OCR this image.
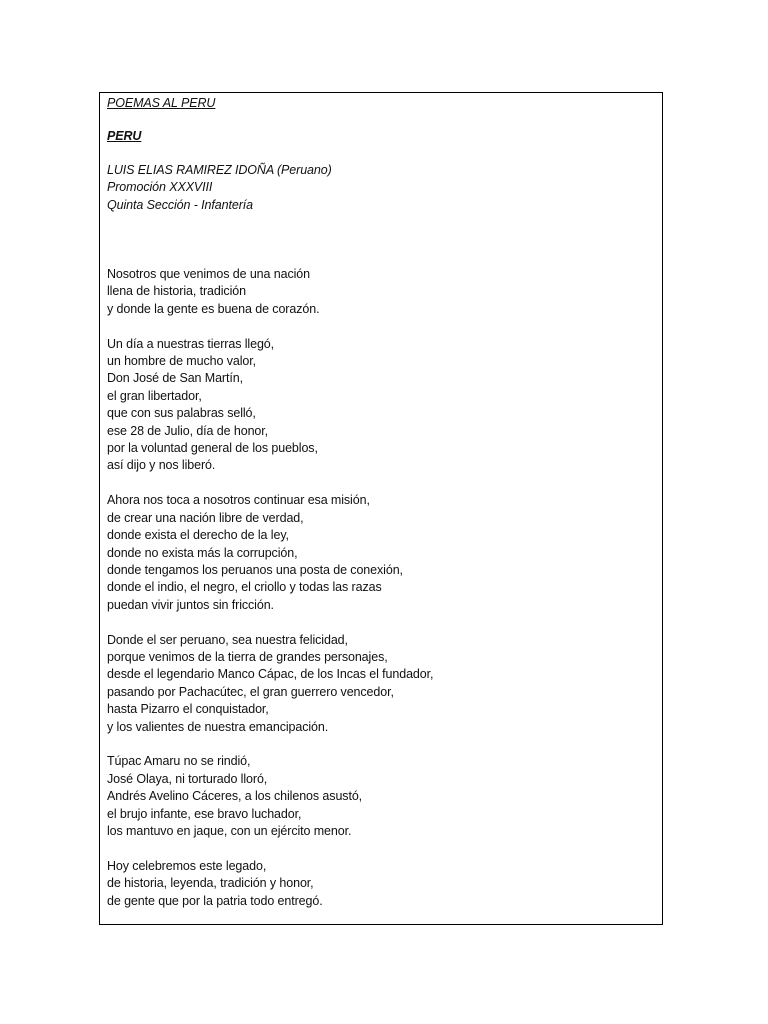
POEMAS AL PERU

PERU

LUIS ELIAS RAMIREZ IDOÑA (Peruano)

Promoción XXXVIII

Quinta Sección - Infantería

Nosotros que venimos de una nación
llena de historia, tradición
y donde la gente es buena de corazón.
Un día a nuestras tierras llegó,
un hombre de mucho valor,
Don José de San Martín,
el gran libertador,
que con sus palabras selló,
ese 28 de Julio, día de honor,
por la voluntad general de los pueblos,
así dijo y nos liberó.
Ahora nos toca a nosotros continuar esa misión,
de crear una nación libre de verdad,
donde exista el derecho de la ley,
donde no exista más la corrupción,
donde tengamos los peruanos una posta de conexión,
donde el indio, el negro, el criollo y todas las razas
puedan vivir juntos sin fricción.
Donde el ser peruano, sea nuestra felicidad,
porque venimos de la tierra de grandes personajes,
desde el legendario Manco Cápac, de los Incas el fundador,
pasando por Pachacútec, el gran guerrero vencedor,
hasta Pizarro el conquistador,
y los valientes de nuestra emancipación.
Túpac Amaru no se rindió,
José Olaya, ni torturado lloró,
Andrés Avelino Cáceres, a los chilenos asustó,
el brujo infante, ese bravo luchador,
los mantuvo en jaque, con un ejército menor.
Hoy celebremos este legado,
de historia, leyenda, tradición y honor,
de gente que por la patria todo entregó.
